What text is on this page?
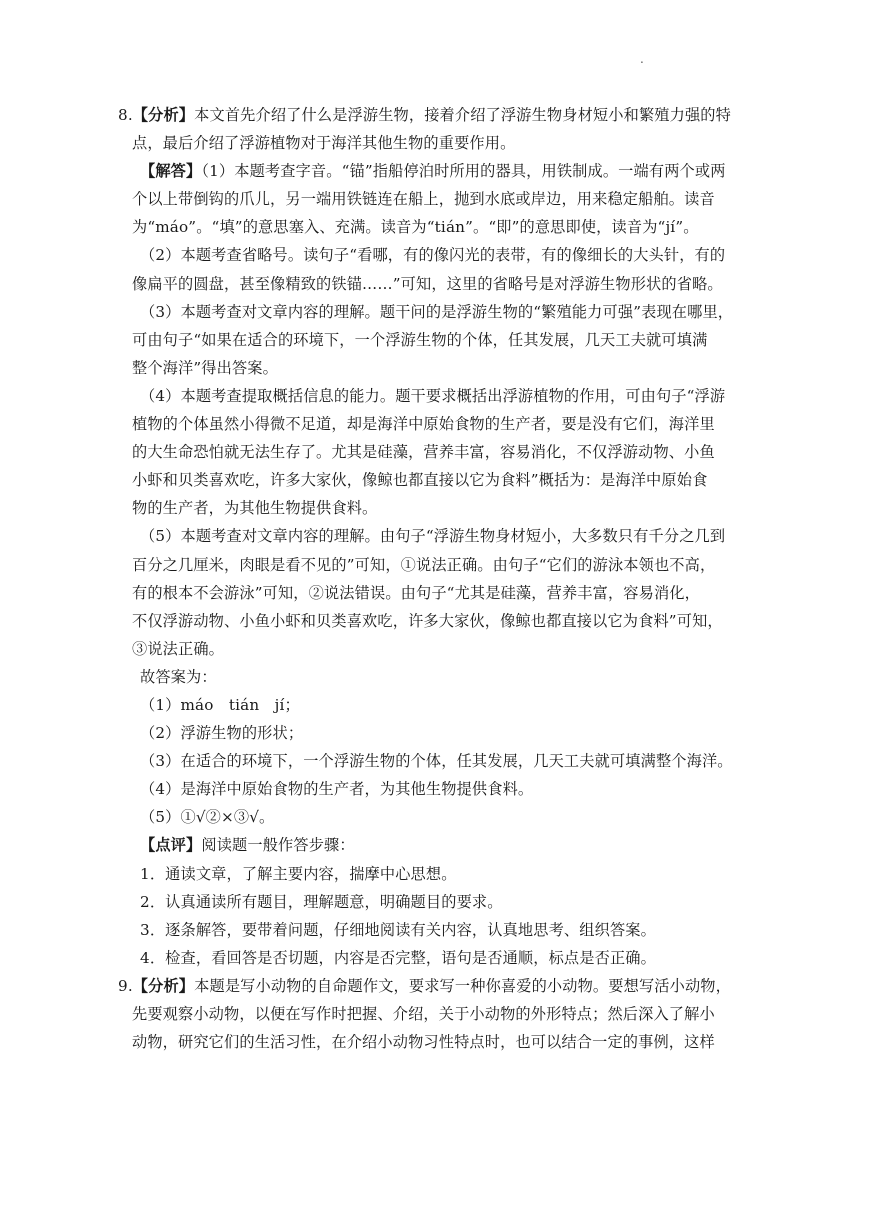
.
8.【分析】本文首先介绍了什么是浮游生物，接着介绍了浮游生物身材短小和繁殖力强的特
点，最后介绍了浮游植物对于海洋其他生物的重要作用。
【解答】（1）本题考查字音。“锚”指船停泊时所用的器具，用铁制成。一端有两个或两
个以上带倒钩的爪儿，另一端用铁链连在船上，抛到水底或岸边，用来稳定船舶。读音
为“máo”。“填”的意思塞入、充满。读音为“tián”。“即”的意思即使，读音为“jí”。
（2）本题考查省略号。读句子“看哪，有的像闪光的表带，有的像细长的大头针，有的
像扁平的圆盘，甚至像精致的铁锚……”可知，这里的省略号是对浮游生物形状的省略。
（3）本题考查对文章内容的理解。题干问的是浮游生物的“繁殖能力可强”表现在哪里，
可由句子“如果在适合的环境下，一个浮游生物的个体，任其发展，几天工夫就可填满
整个海洋”得出答案。
（4）本题考查提取概括信息的能力。题干要求概括出浮游植物的作用，可由句子“浮游
植物的个体虽然小得微不足道，却是海洋中原始食物的生产者，要是没有它们，海洋里
的大生命恐怕就无法生存了。尤其是硅藻，营养丰富，容易消化，不仅浮游动物、小鱼
小虾和贝类喜欢吃，许多大家伙，像鲸也都直接以它为食料”概括为：是海洋中原始食
物的生产者，为其他生物提供食料。
（5）本题考查对文章内容的理解。由句子“浮游生物身材短小，大多数只有千分之几到
百分之几厘米，肉眼是看不见的”可知，①说法正确。由句子“它们的游泳本领也不高，
有的根本不会游泳”可知，②说法错误。由句子“尤其是硅藻，营养丰富，容易消化，
不仅浮游动物、小鱼小虾和贝类喜欢吃，许多大家伙，像鲸也都直接以它为食料”可知，
③说法正确。
故答案为：
（1）máo　tián　jí；
（2）浮游生物的形状；
（3）在适合的环境下，一个浮游生物的个体，任其发展，几天工夫就可填满整个海洋。
（4）是海洋中原始食物的生产者，为其他生物提供食料。
（5）①√②×③√。
【点评】阅读题一般作答步骤：
1．通读文章，了解主要内容，揣摩中心思想。
2．认真通读所有题目，理解题意，明确题目的要求。
3．逐条解答，要带着问题，仔细地阅读有关内容，认真地思考、组织答案。
4．检查，看回答是否切题，内容是否完整，语句是否通顺，标点是否正确。
9.【分析】本题是写小动物的自命题作文，要求写一种你喜爱的小动物。要想写活小动物，
先要观察小动物，以便在写作时把握、介绍，关于小动物的外形特点；然后深入了解小
动物，研究它们的生活习性，在介绍小动物习性特点时，也可以结合一定的事例，这样
